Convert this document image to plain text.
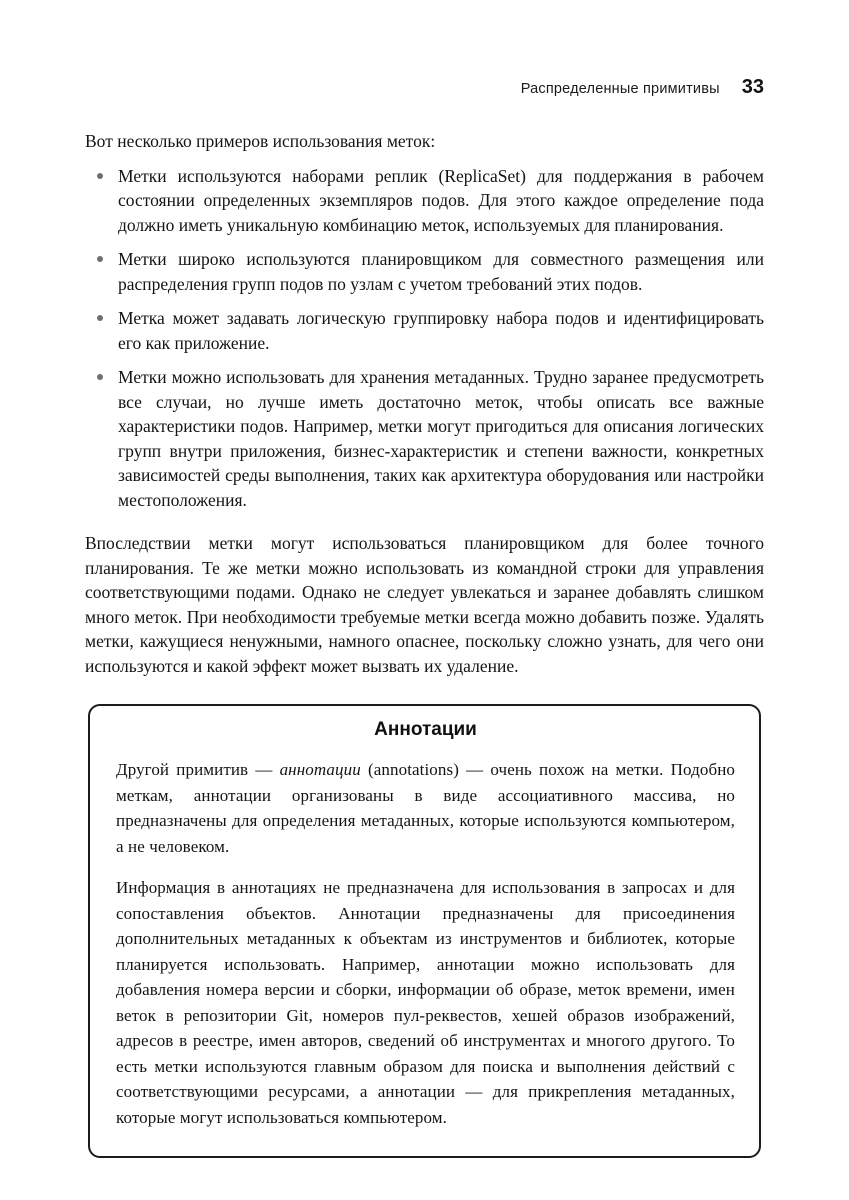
Распределенные примитивы 33

Вот несколько примеров использования меток:

Метки используются наборами реплик (ReplicaSet) для поддержания в рабочем состоянии определенных экземпляров подов. Для этого каждое определение пода должно иметь уникальную комбинацию меток, используемых для планирования.
Метки широко используются планировщиком для совместного размещения или распределения групп подов по узлам с учетом требований этих подов.
Метка может задавать логическую группировку набора подов и идентифицировать его как приложение.
Метки можно использовать для хранения метаданных. Трудно заранее предусмотреть все случаи, но лучше иметь достаточно меток, чтобы описать все важные характеристики подов. Например, метки могут пригодиться для описания логических групп внутри приложения, бизнес-характеристик и степени важности, конкретных зависимостей среды выполнения, таких как архитектура оборудования или настройки местоположения.

Впоследствии метки могут использоваться планировщиком для более точного планирования. Те же метки можно использовать из командной строки для управления соответствующими подами. Однако не следует увлекаться и заранее добавлять слишком много меток. При необходимости требуемые метки всегда можно добавить позже. Удалять метки, кажущиеся ненужными, намного опаснее, поскольку сложно узнать, для чего они используются и какой эффект может вызвать их удаление.

Аннотации

Другой примитив — аннотации (annotations) — очень похож на метки. Подобно меткам, аннотации организованы в виде ассоциативного массива, но предназначены для определения метаданных, которые используются компьютером, а не человеком.

Информация в аннотациях не предназначена для использования в запросах и для сопоставления объектов. Аннотации предназначены для присоединения дополнительных метаданных к объектам из инструментов и библиотек, которые планируется использовать. Например, аннотации можно использовать для добавления номера версии и сборки, информации об образе, меток времени, имен веток в репозитории Git, номеров пул-реквестов, хешей образов изображений, адресов в реестре, имен авторов, сведений об инструментах и многого другого. То есть метки используются главным образом для поиска и выполнения действий с соответствующими ресурсами, а аннотации — для прикрепления метаданных, которые могут использоваться компьютером.
